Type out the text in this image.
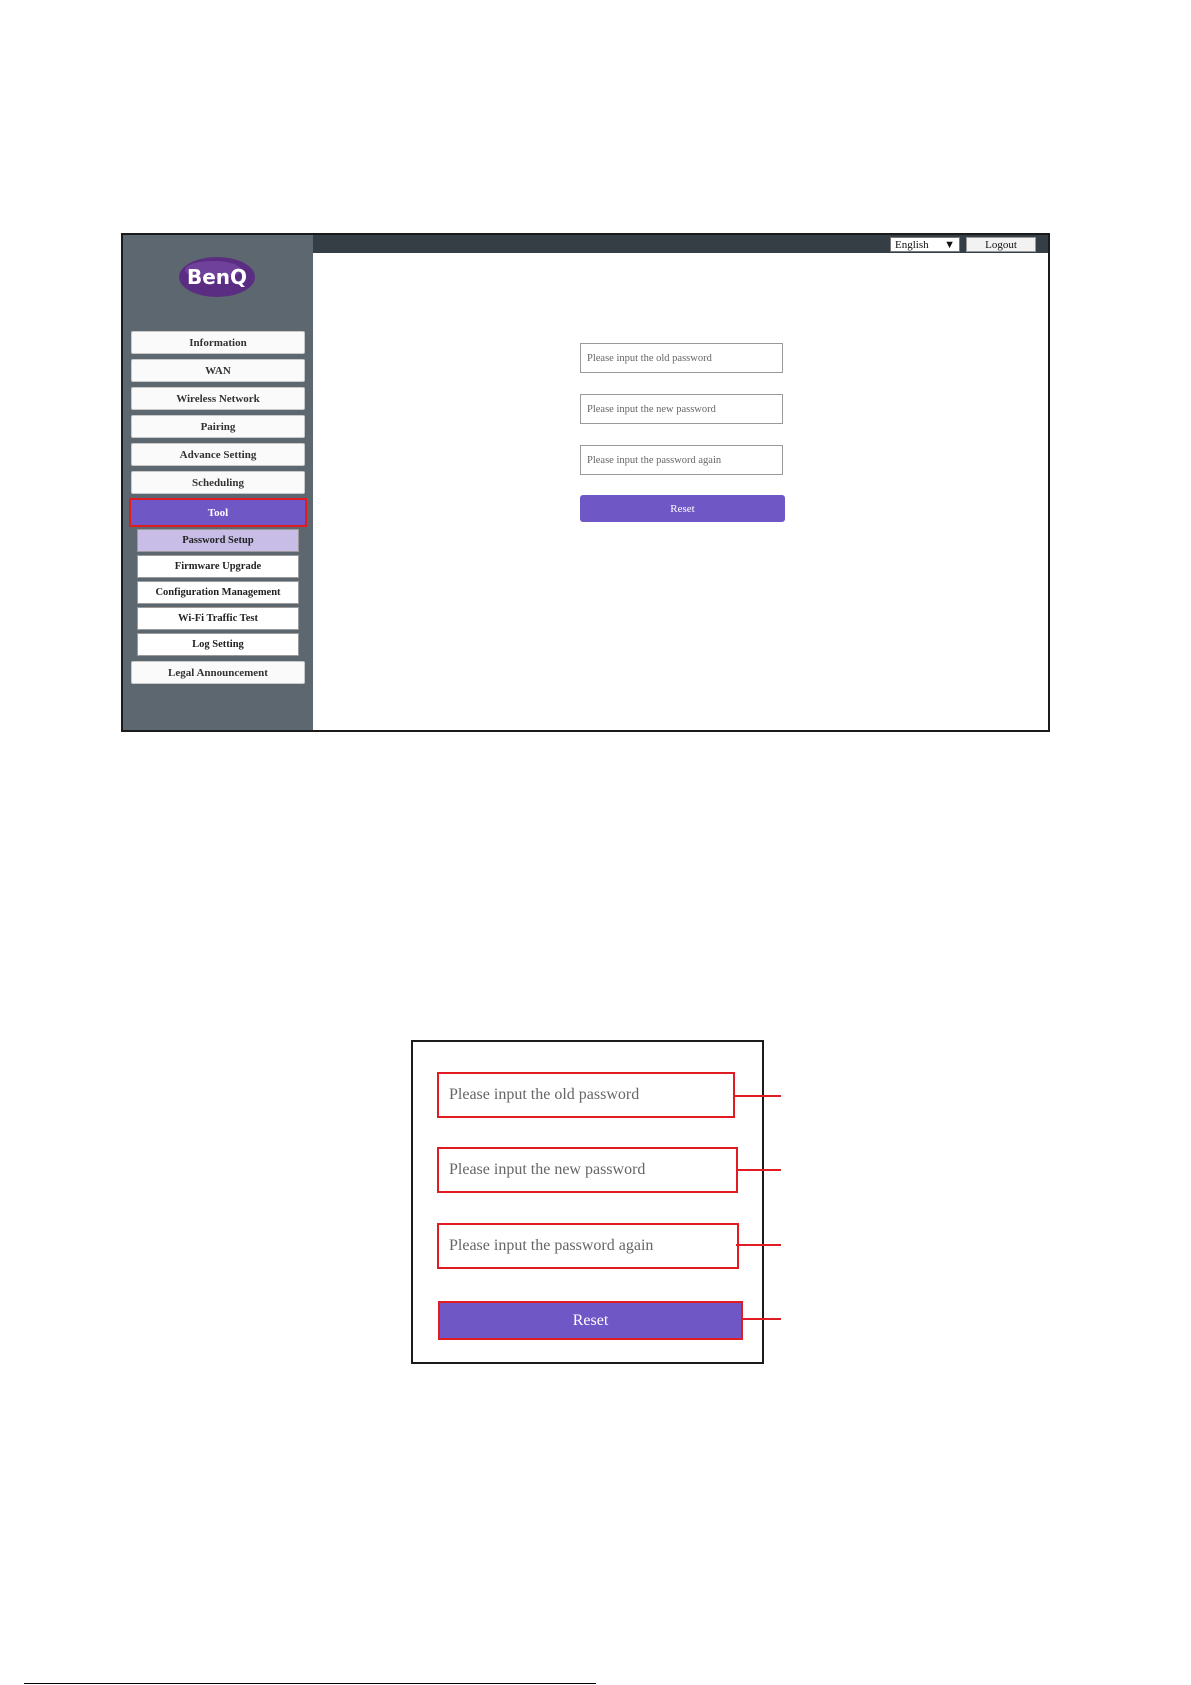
BenQ
Information
WAN
Wireless Network
Pairing
Advance Setting
Scheduling
Tool
Password Setup
Firmware Upgrade
Configuration Management
Wi-Fi Traffic Test
Log Setting
Legal Announcement
English ▼	Logout
Reset
Reset
